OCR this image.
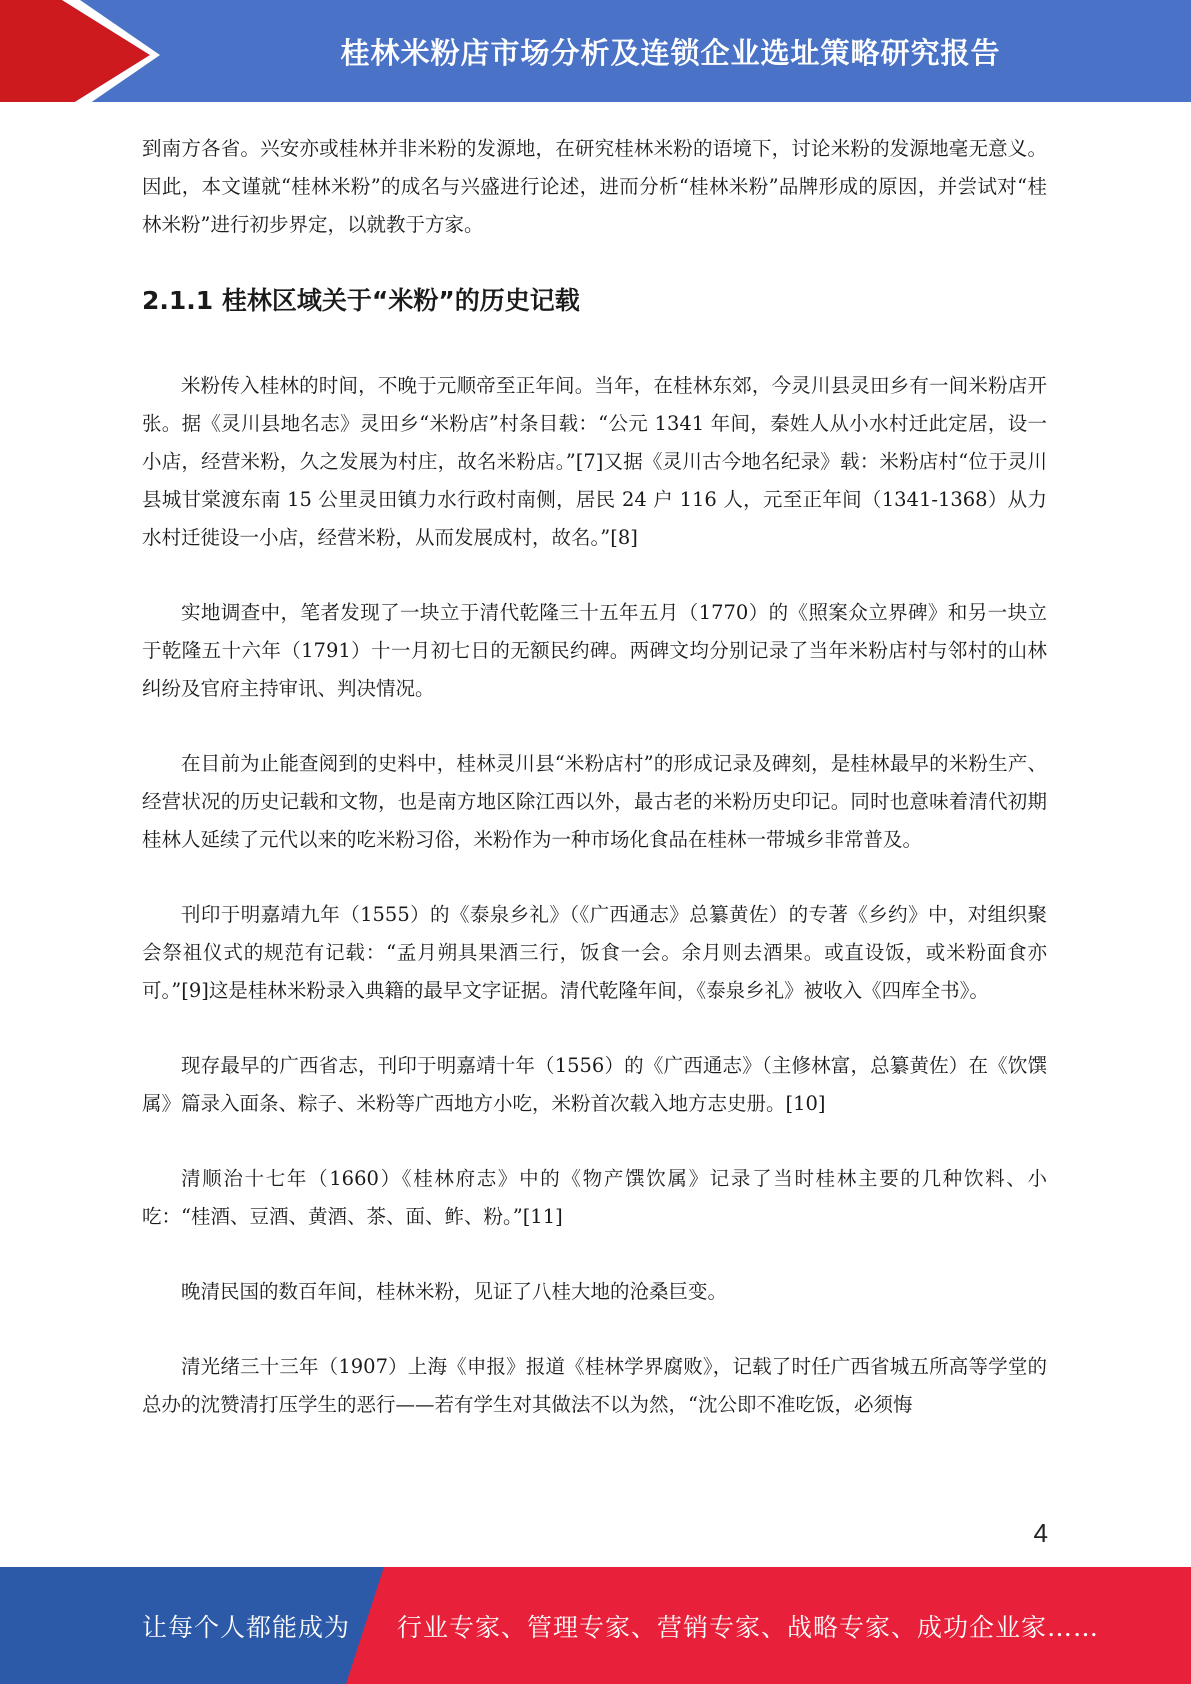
桂林米粉店市场分析及连锁企业选址策略研究报告

到南方各省。兴安亦或桂林并非米粉的发源地，在研究桂林米粉的语境下，讨论米粉的发源地毫无意义。因此，本文谨就“桂林米粉”的成名与兴盛进行论述，进而分析“桂林米粉”品牌形成的原因，并尝试对“桂林米粉”进行初步界定，以就教于方家。

2.1.1 桂林区域关于“米粉”的历史记载

米粉传入桂林的时间，不晚于元顺帝至正年间。当年，在桂林东郊，今灵川县灵田乡有一间米粉店开张。据《灵川县地名志》灵田乡“米粉店”村条目载：“公元 1341 年间，秦姓人从小水村迁此定居，设一小店，经营米粉，久之发展为村庄，故名米粉店。”[7]又据《灵川古今地名纪录》载：米粉店村“位于灵川县城甘棠渡东南 15 公里灵田镇力水行政村南侧，居民 24 户 116 人，元至正年间（1341-1368）从力水村迁徙设一小店，经营米粉，从而发展成村，故名。”[8]

实地调查中，笔者发现了一块立于清代乾隆三十五年五月（1770）的《照案众立界碑》和另一块立于乾隆五十六年（1791）十一月初七日的无额民约碑。两碑文均分别记录了当年米粉店村与邻村的山林纠纷及官府主持审讯、判决情况。

在目前为止能查阅到的史料中，桂林灵川县“米粉店村”的形成记录及碑刻，是桂林最早的米粉生产、经营状况的历史记载和文物，也是南方地区除江西以外，最古老的米粉历史印记。同时也意味着清代初期桂林人延续了元代以来的吃米粉习俗，米粉作为一种市场化食品在桂林一带城乡非常普及。

刊印于明嘉靖九年（1555）的《泰泉乡礼》（《广西通志》总纂黄佐）的专著《乡约》中，对组织聚会祭祖仪式的规范有记载：“孟月朔具果酒三行，饭食一会。余月则去酒果。或直设饭，或米粉面食亦可。”[9]这是桂林米粉录入典籍的最早文字证据。清代乾隆年间，《泰泉乡礼》被收入《四库全书》。

现存最早的广西省志，刊印于明嘉靖十年（1556）的《广西通志》（主修林富，总纂黄佐）在《饮馔属》篇录入面条、粽子、米粉等广西地方小吃，米粉首次载入地方志史册。[10]

清顺治十七年（1660）《桂林府志》中的《物产馔饮属》记录了当时桂林主要的几种饮料、小吃：“桂酒、豆酒、黄酒、茶、面、鲊、粉。”[11]

晚清民国的数百年间，桂林米粉，见证了八桂大地的沧桑巨变。

清光绪三十三年（1907）上海《申报》报道《桂林学界腐败》，记载了时任广西省城五所高等学堂的总办的沈赞清打压学生的恶行——若有学生对其做法不以为然，“沈公即不准吃饭，必须悔

4
让每个人都能成为 行业专家、管理专家、营销专家、战略专家、成功企业家……
